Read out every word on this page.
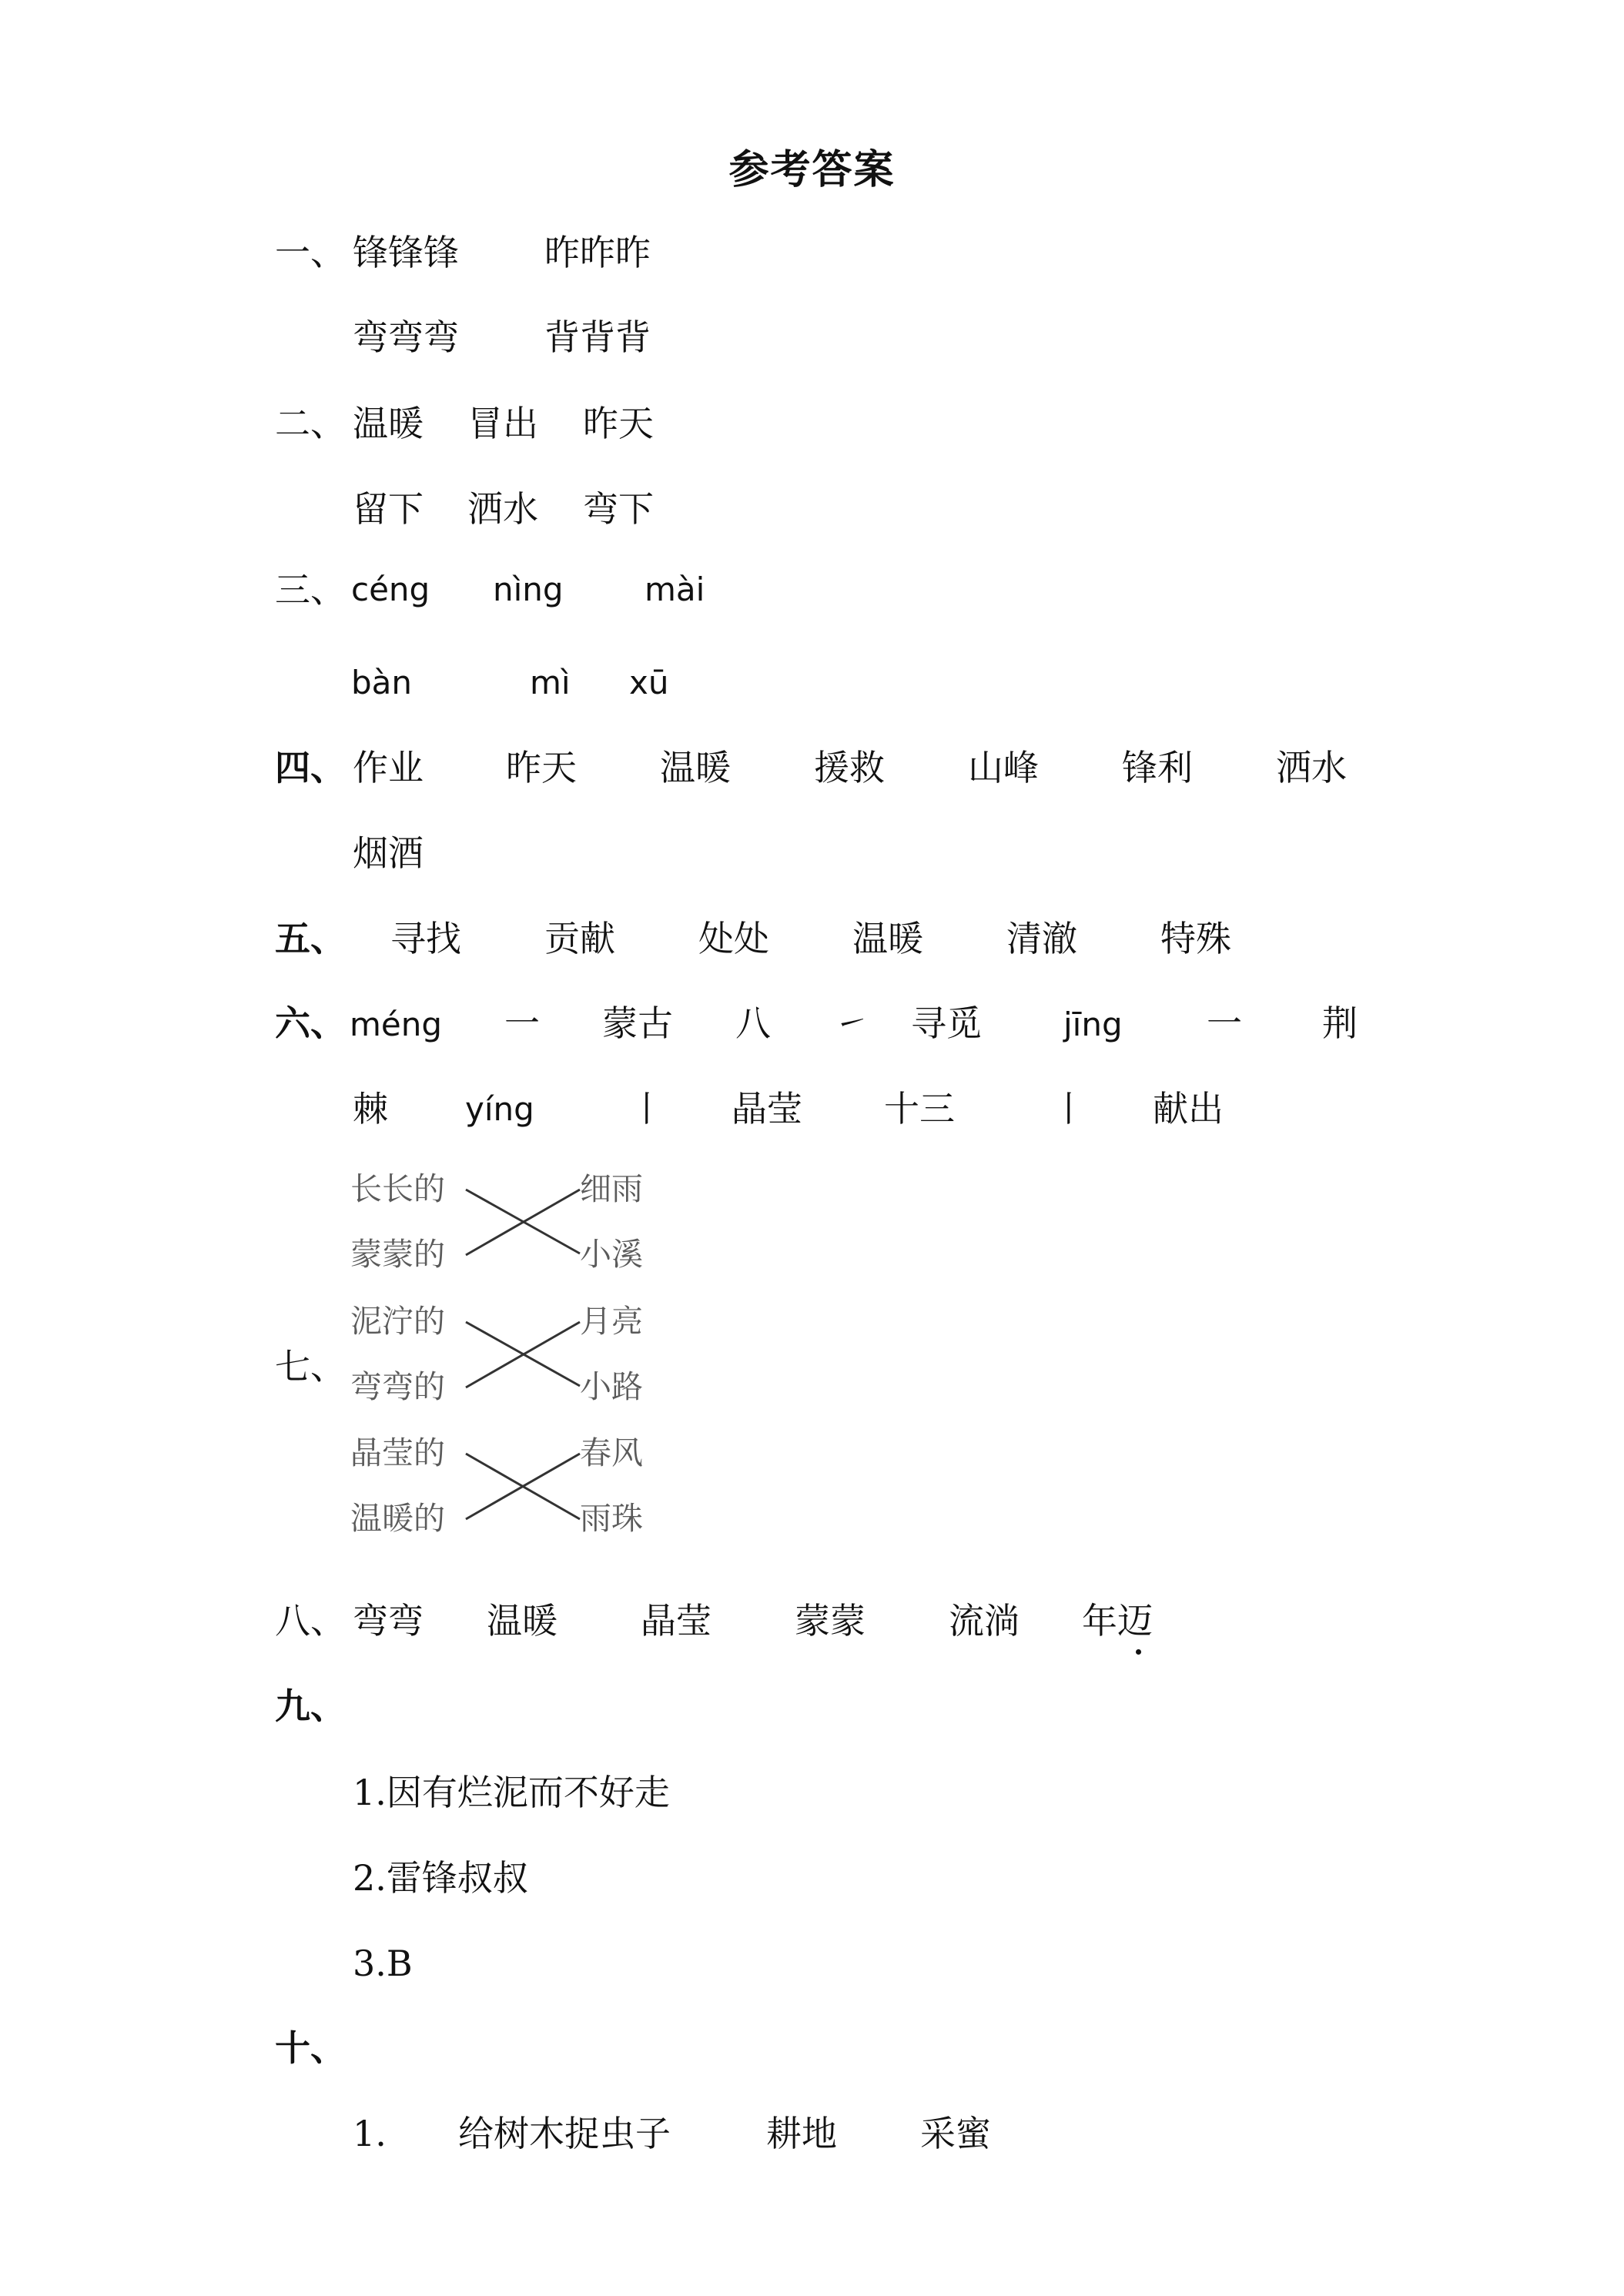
参考答案
一、 锋锋锋 昨昨昨
弯弯弯 背背背
二、 温暖 冒出 昨天
留下 洒水 弯下
三、 céng nìng	mài
bàn	mì xū
四、 作业 昨天 温暖 援救 山峰 锋利 洒水
烟酒
五、 寻找 贡献 处处 温暖 清澈 特殊
六、 méng 一 蒙古 八 ㇀ 寻觅	jīng 一 荆
棘 yíng	丨 晶莹 十三	丨 献出
七、
长长的
蒙蒙的
泥泞的
弯弯的
晶莹的
温暖的
细雨
小溪
月亮
小路
春风
雨珠
八、 弯弯 温暖 晶莹 蒙蒙 流淌 年迈
九、
1.因有烂泥而不好走
2.雷锋叔叔
3.B
十、
1. 给树木捉虫子	耕地 采蜜
